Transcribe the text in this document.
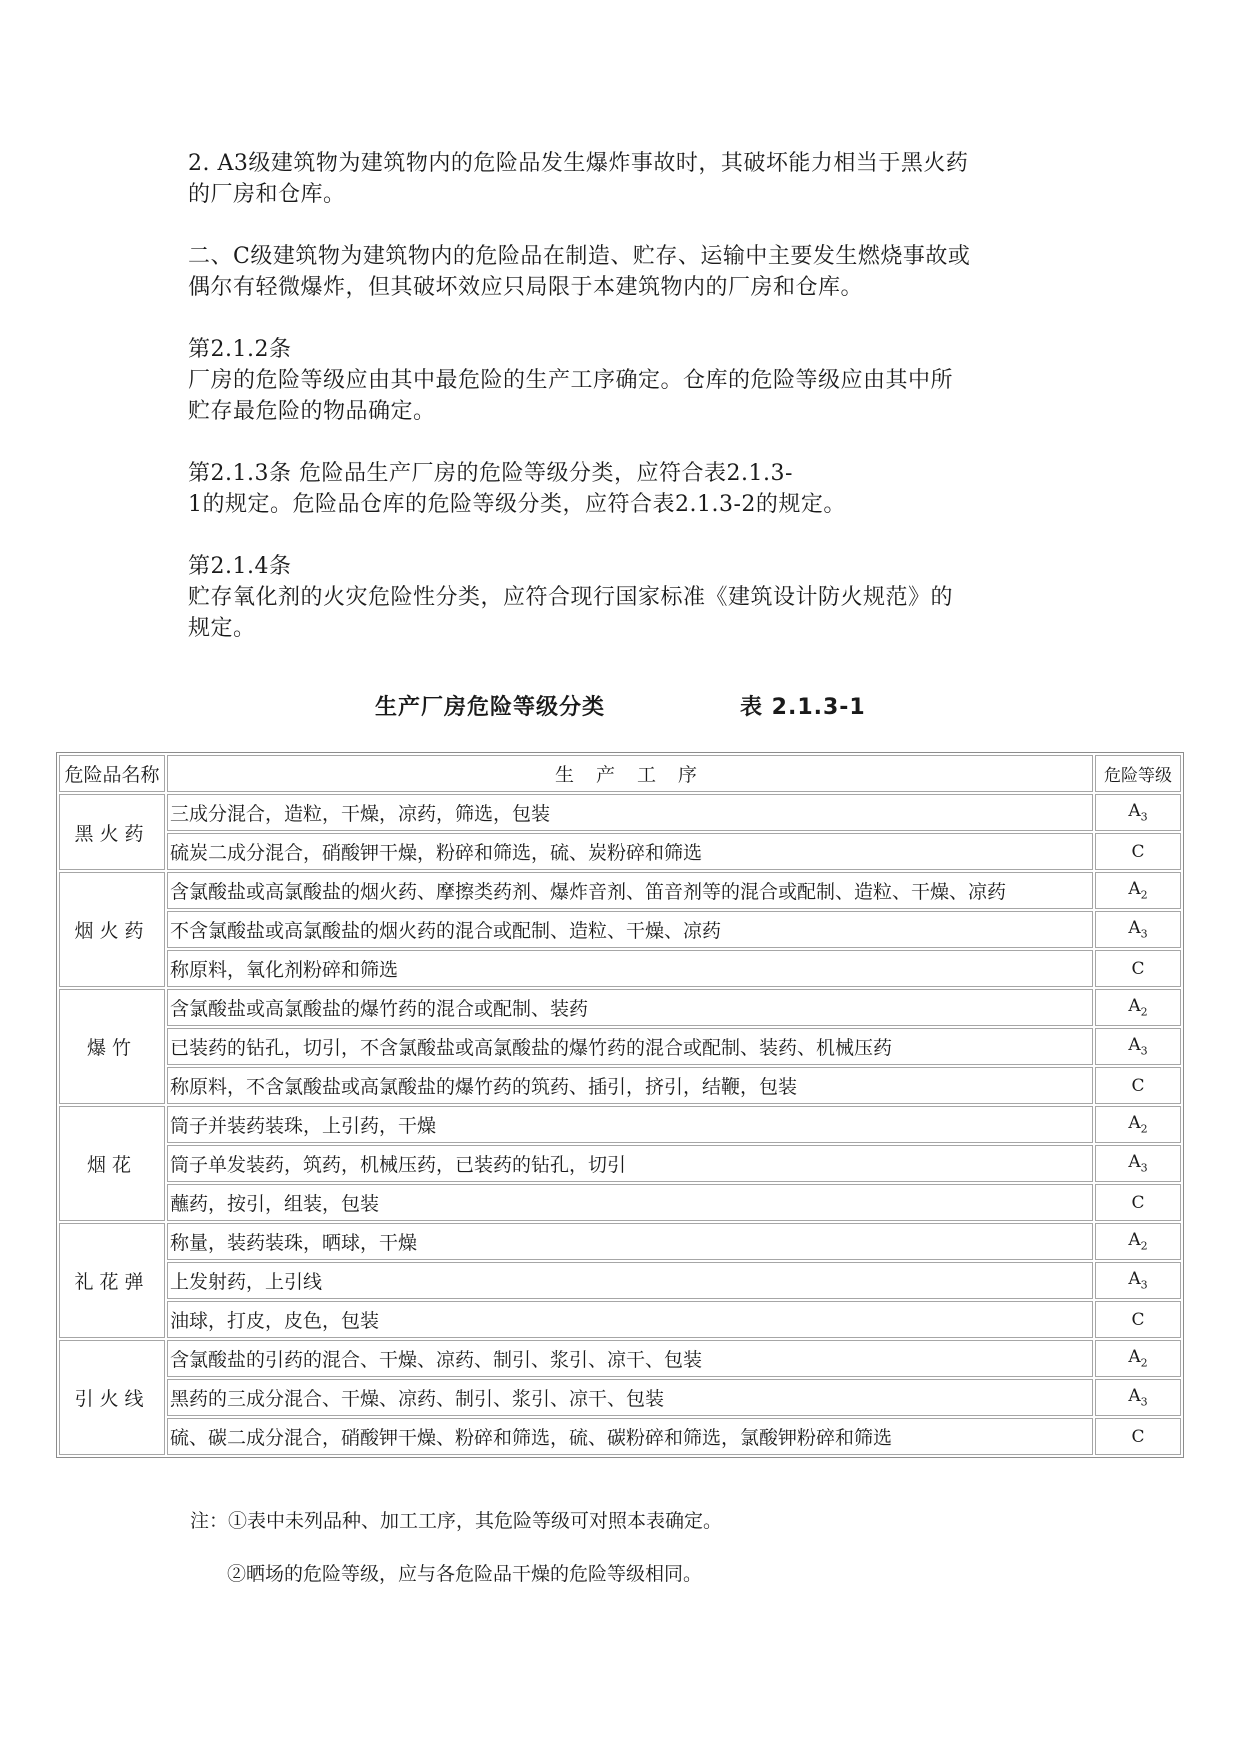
2. A3级建筑物为建筑物内的危险品发生爆炸事故时，其破坏能力相当于黑火药
的厂房和仓库。

二、C级建筑物为建筑物内的危险品在制造、贮存、运输中主要发生燃烧事故或
偶尔有轻微爆炸，但其破坏效应只局限于本建筑物内的厂房和仓库。

第2.1.2条
厂房的危险等级应由其中最危险的生产工序确定。仓库的危险等级应由其中所
贮存最危险的物品确定。

第2.1.3条 危险品生产厂房的危险等级分类，应符合表2.1.3-
1的规定。危险品仓库的危险等级分类，应符合表2.1.3-2的规定。

第2.1.4条
贮存氧化剂的火灾危险性分类，应符合现行国家标准《建筑设计防火规范》的
规定。

生产厂房危险等级分类	表 2.1.3-1
危险品名称	生 产 工 序	危险等级
黑火药	三成分混合，造粒，干燥，凉药，筛选，包装	$A_3$
	硫炭二成分混合，硝酸钾干燥，粉碎和筛选，硫、炭粉碎和筛选	C
烟火药	含氯酸盐或高氯酸盐的烟火药、摩擦类药剂、爆炸音剂、笛音剂等的混合或配制、造粒、干燥、凉药	$A_2$
	不含氯酸盐或高氯酸盐的烟火药的混合或配制、造粒、干燥、凉药	$A_3$
	称原料，氧化剂粉碎和筛选	C
爆竹	含氯酸盐或高氯酸盐的爆竹药的混合或配制、装药	$A_2$
	已装药的钻孔，切引，不含氯酸盐或高氯酸盐的爆竹药的混合或配制、装药、机械压药	$A_3$
	称原料，不含氯酸盐或高氯酸盐的爆竹药的筑药、插引，挤引，结鞭，包装	C
烟花	筒子并装药装珠，上引药，干燥	$A_2$
	筒子单发装药，筑药，机械压药，已装药的钻孔，切引	$A_3$
	蘸药，按引，组装，包装	C
礼花弹	称量，装药装珠，晒球，干燥	$A_2$
	上发射药，上引线	$A_3$
	油球，打皮，皮色，包装	C
引火线	含氯酸盐的引药的混合、干燥、凉药、制引、浆引、凉干、包装	$A_2$
	黑药的三成分混合、干燥、凉药、制引、浆引、凉干、包装	$A_3$
	硫、碳二成分混合，硝酸钾干燥、粉碎和筛选，硫、碳粉碎和筛选，氯酸钾粉碎和筛选	C

注：①表中未列品种、加工工序，其危险等级可对照本表确定。

②晒场的危险等级，应与各危险品干燥的危险等级相同。
